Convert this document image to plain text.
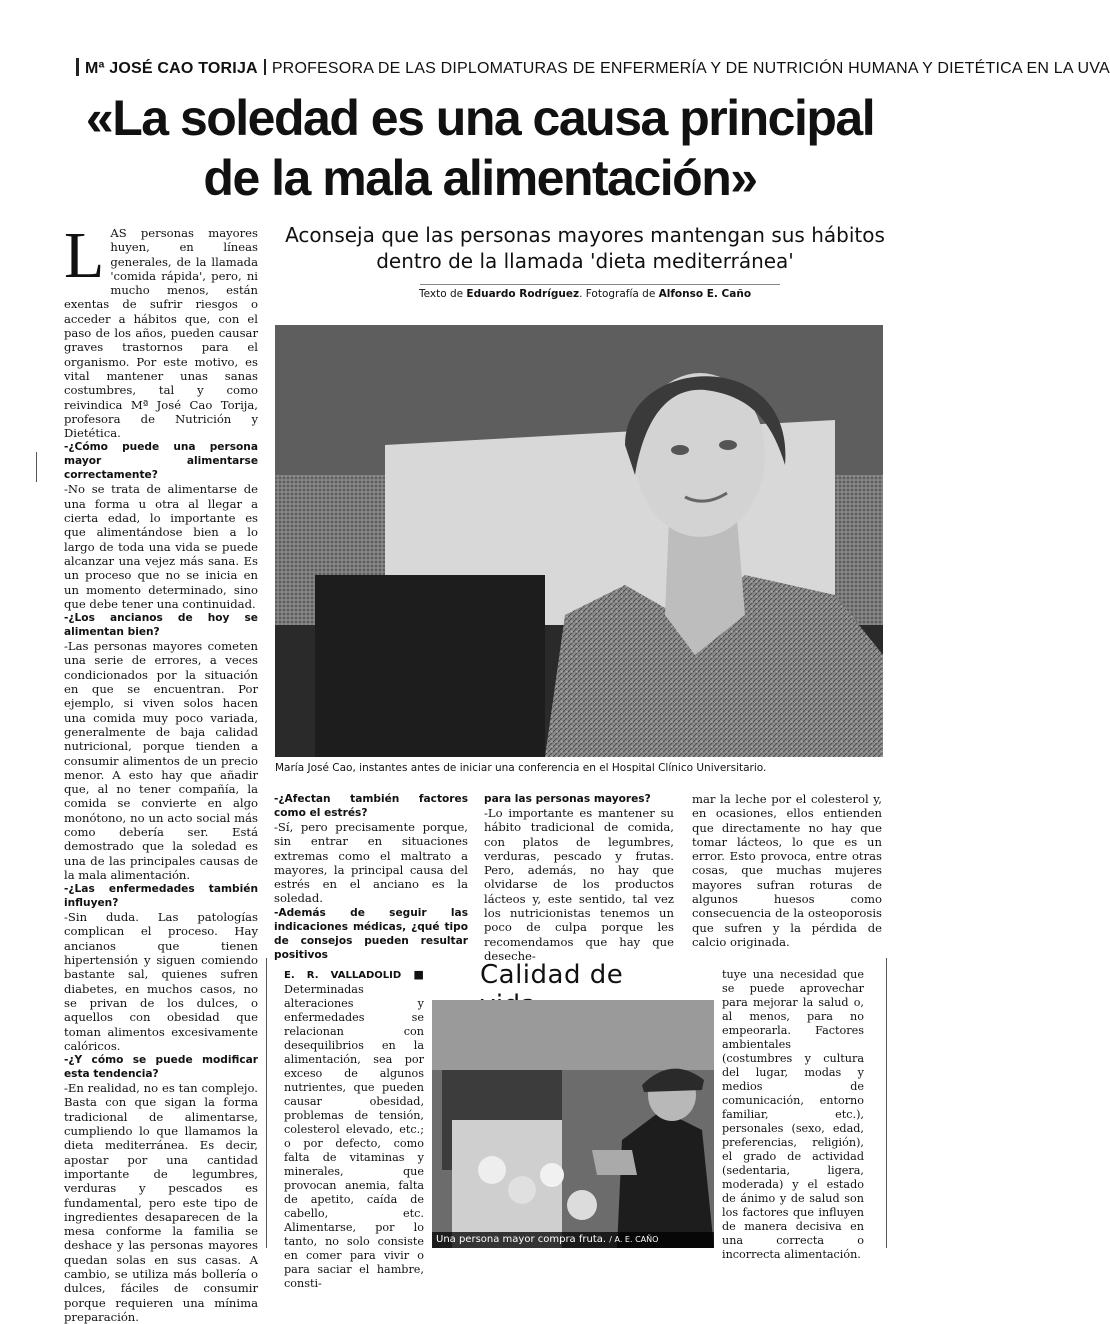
Mª JOSÉ CAO TORIJA PROFESORA DE LAS DIPLOMATURAS DE ENFERMERÍA Y DE NUTRICIÓN HUMANA Y DIETÉTICA EN LA UVA
«La soledad es una causa principal
de la mala alimentación»
Aconseja que las personas mayores mantengan sus hábitos dentro de la llamada 'dieta mediterránea'
Texto de Eduardo Rodríguez. Fotografía de Alfonso E. Caño

LAS personas mayores huyen, en líneas generales, de la llamada 'comida rápida', pero, ni mucho menos, están exentas de sufrir riesgos o acceder a hábitos que, con el paso de los años, pueden causar graves trastornos para el organismo. Por este motivo, es vital mantener unas sanas costumbres, tal y como reivindica Mª José Cao Torija, profesora de Nutrición y Dietética.

-¿Cómo puede una persona mayor alimentarse correctamente?

-No se trata de alimentarse de una forma u otra al llegar a cierta edad, lo importante es que alimentándose bien a lo largo de toda una vida se puede alcanzar una vejez más sana. Es un proceso que no se inicia en un momento determinado, sino que debe tener una continuidad.

-¿Los ancianos de hoy se alimentan bien?

-Las personas mayores cometen una serie de errores, a veces condicionados por la situación en que se encuentran. Por ejemplo, si viven solos hacen una comida muy poco variada, generalmente de baja calidad nutricional, porque tienden a consumir alimentos de un precio menor. A esto hay que añadir que, al no tener compañía, la comida se convierte en algo monótono, no un acto social más como debería ser. Está demostrado que la soledad es una de las principales causas de la mala alimentación.

-¿Las enfermedades también influyen?

-Sin duda. Las patologías complican el proceso. Hay ancianos que tienen hipertensión y siguen comiendo bastante sal, quienes sufren diabetes, en muchos casos, no se privan de los dulces, o aquellos con obesidad que toman alimentos excesivamente calóricos.

-¿Y cómo se puede modificar esta tendencia?

-En realidad, no es tan complejo. Basta con que sigan la forma tradicional de alimentarse, cumpliendo lo que llamamos la dieta mediterránea. Es decir, apostar por una cantidad importante de legumbres, verduras y pescados es fundamental, pero este tipo de ingredientes desaparecen de la mesa conforme la familia se deshace y las personas mayores quedan solas en sus casas. A cambio, se utiliza más bollería o dulces, fáciles de consumir porque requieren una mínima preparación.

María José Cao, instantes antes de iniciar una conferencia en el Hospital Clínico Universitario.

-¿Afectan también factores como el estrés?

-Sí, pero precisamente porque, sin entrar en situaciones extremas como el maltrato a mayores, la principal causa del estrés en el anciano es la soledad.

-Además de seguir las indicaciones médicas, ¿qué tipo de consejos pueden resultar positivos

para las personas mayores?

-Lo importante es mantener su hábito tradicional de comida, con platos de legumbres, verduras, pescado y frutas. Pero, además, no hay que olvidarse de los productos lácteos y, este sentido, tal vez los nutricionistas tenemos un poco de culpa porque les recomendamos que hay que deseche-

mar la leche por el colesterol y, en ocasiones, ellos entienden que directamente no hay que tomar lácteos, lo que es un error. Esto provoca, entre otras cosas, que muchas mujeres mayores sufran roturas de algunos huesos como consecuencia de la osteoporosis que sufren y la pérdida de calcio originada.

Calidad de

E. R. VALLADOLID ■ Determinadas alteraciones y enfermedades se relacionan con desequilibrios en la alimentación, sea por exceso de algunos nutrientes, que pueden causar obesidad, problemas de tensión, colesterol elevado, etc.; o por defecto, como falta de vitaminas y minerales, que provocan anemia, falta de apetito, caída de cabello, etc. Alimentarse, por lo tanto, no solo consiste en comer para vivir o para saciar el hambre, consti-

Una persona mayor compra fruta. / A. E. CAÑO

tuye una necesidad que se puede aprovechar para mejorar la salud o, al menos, para no empeorarla. Factores ambientales (costumbres y cultura del lugar, modas y medios de comunicación, entorno familiar, etc.), personales (sexo, edad, preferencias, religión), el grado de actividad (sedentaria, ligera, moderada) y el estado de ánimo y de salud son los factores que influyen de manera decisiva en una correcta o incorrecta alimentación.
